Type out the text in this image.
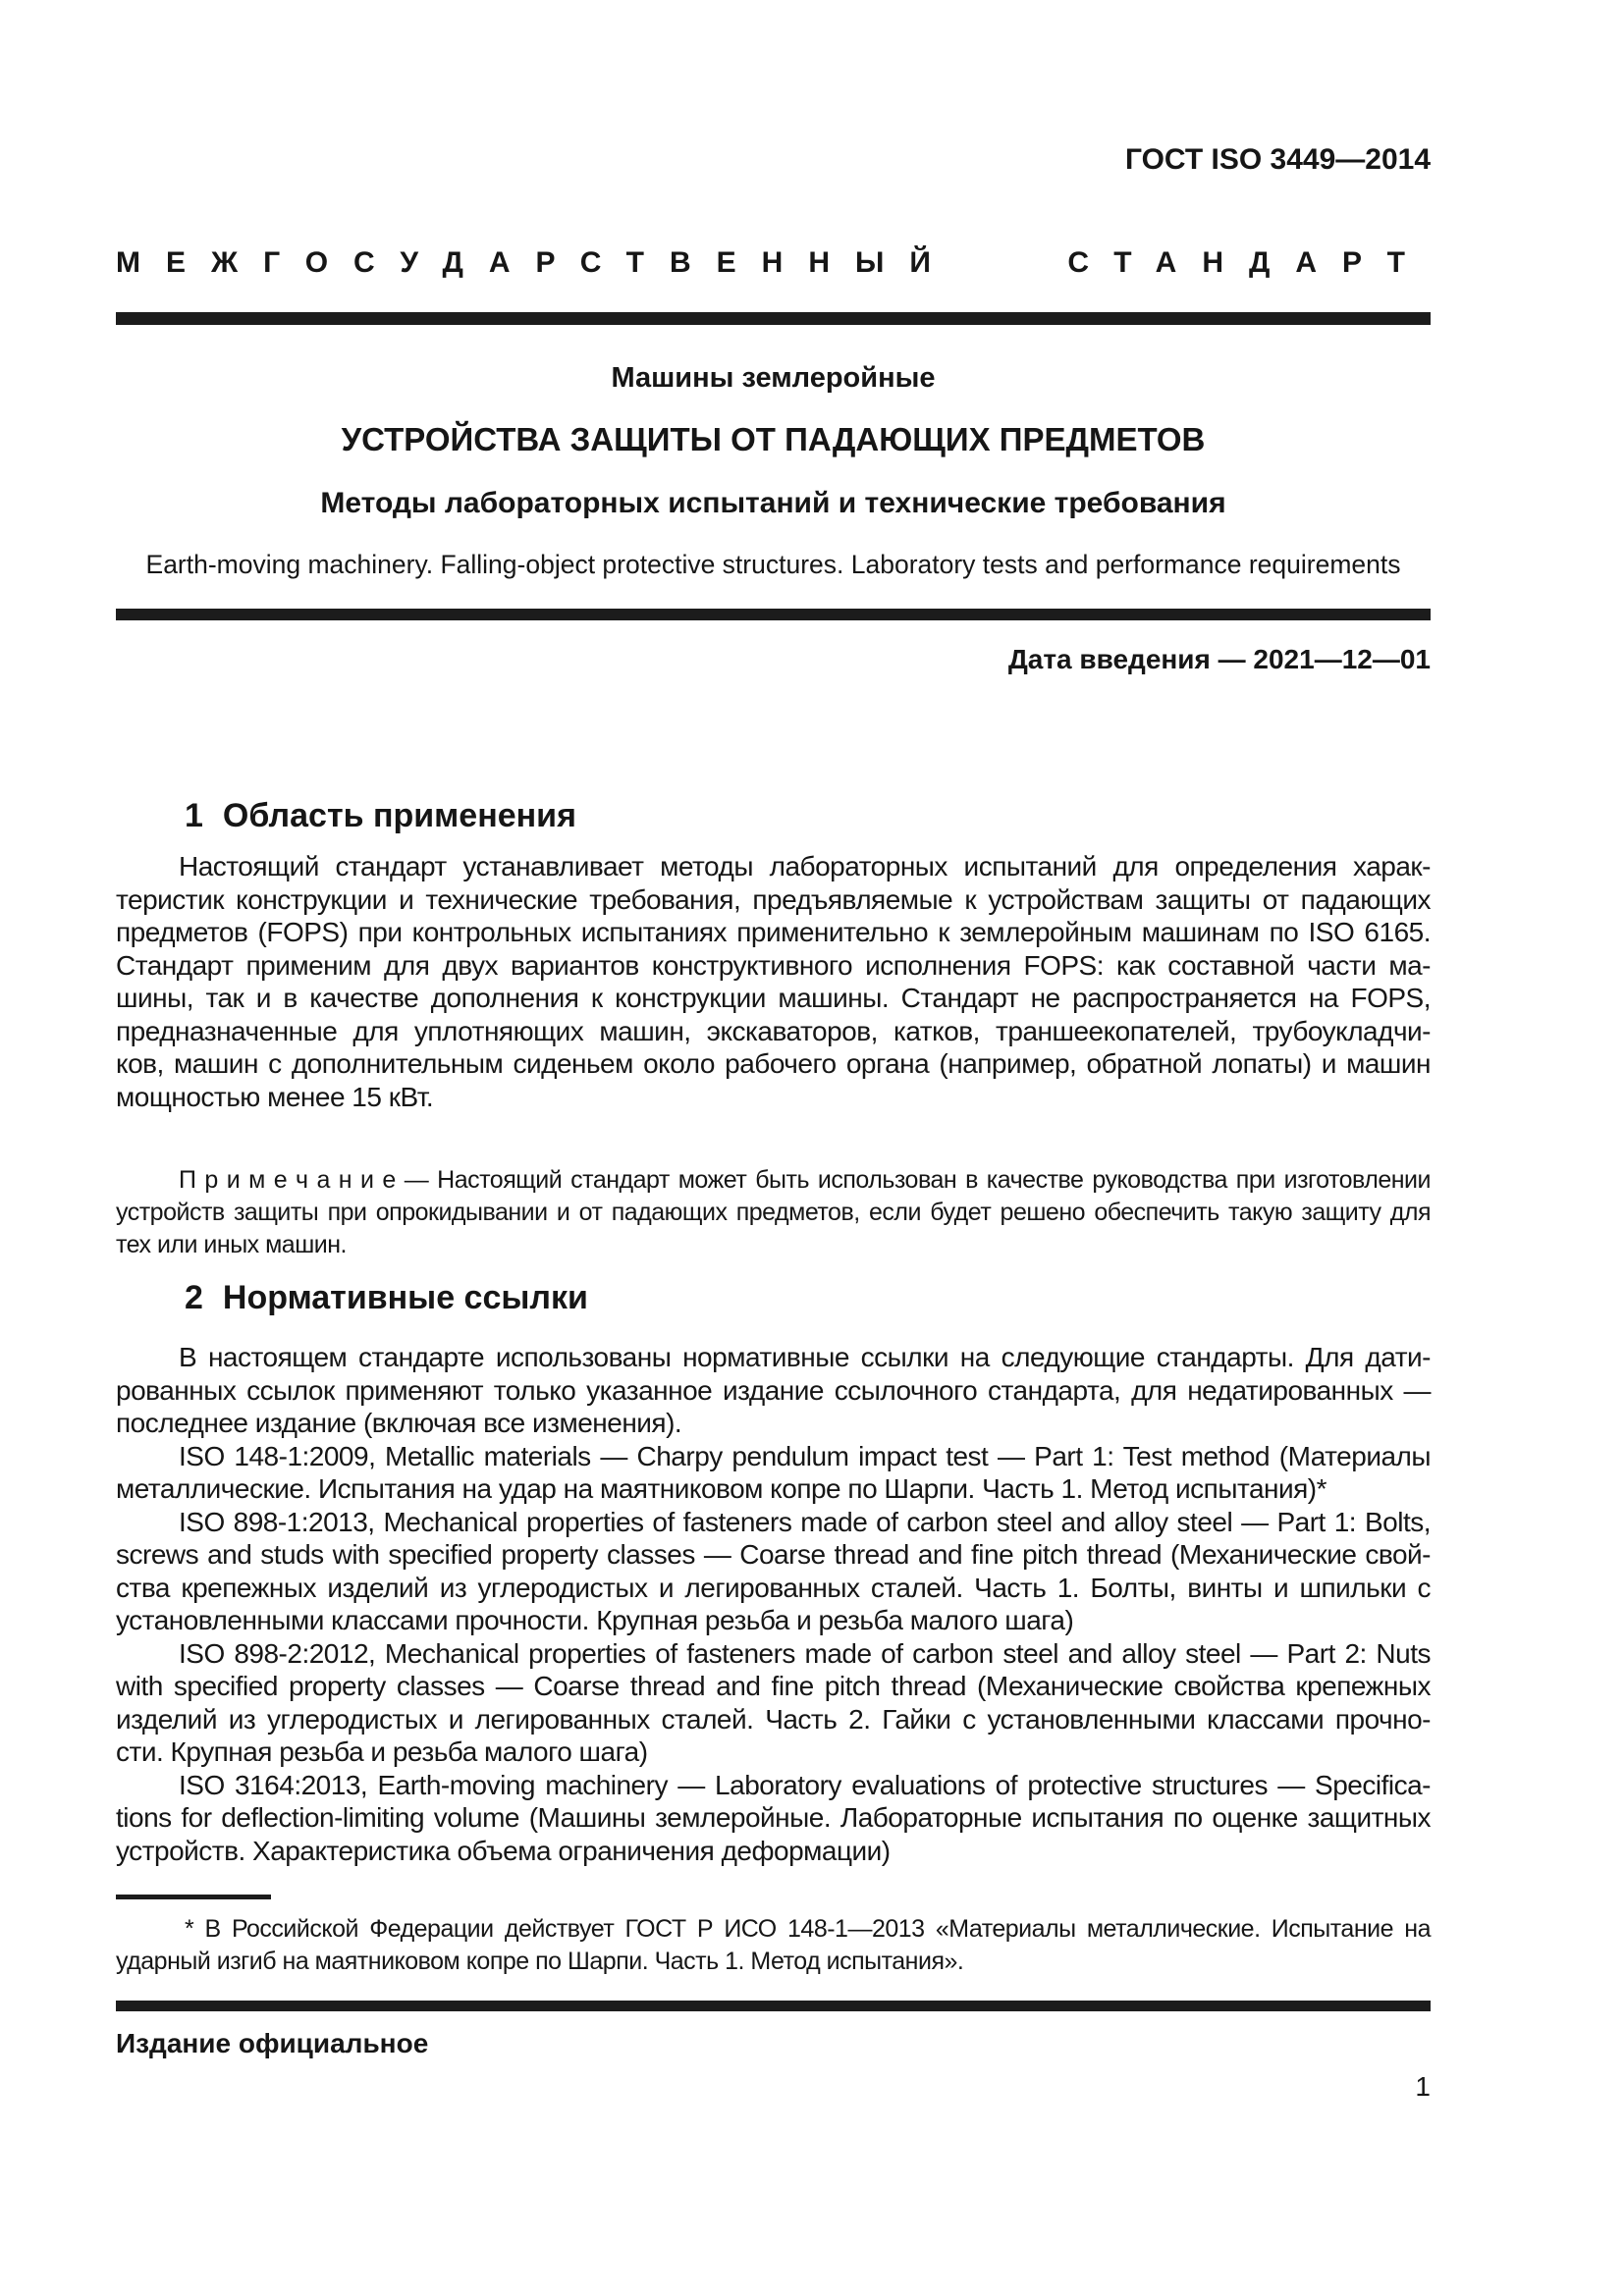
ГОСТ ISO 3449—2014
МЕЖГОСУДАРСТВЕННЫЙ СТАНДАРТ
Машины землеройные
УСТРОЙСТВА ЗАЩИТЫ ОТ ПАДАЮЩИХ ПРЕДМЕТОВ
Методы лабораторных испытаний и технические требования
Earth-moving machinery. Falling-object protective structures. Laboratory tests and performance requirements
Дата введения — 2021—12—01
1 Область применения
Настоящий стандарт устанавливает методы лабораторных испытаний для определения харак-
теристик конструкции и технические требования, предъявляемые к устройствам защиты от падающих
предметов (FOPS) при контрольных испытаниях применительно к землеройным машинам по ISO 6165.
Стандарт применим для двух вариантов конструктивного исполнения FOPS: как составной части ма-
шины, так и в качестве дополнения к конструкции машины. Стандарт не распространяется на FOPS,
предназначенные для уплотняющих машин, экскаваторов, катков, траншеекопателей, трубоукладчи-
ков, машин с дополнительным сиденьем около рабочего органа (например, обратной лопаты) и машин
мощностью менее 15 кВт.
П р и м е ч а н и е — Настоящий стандарт может быть использован в качестве руководства при изготовлении
устройств защиты при опрокидывании и от падающих предметов, если будет решено обеспечить такую защиту для
тех или иных машин.
2 Нормативные ссылки
В настоящем стандарте использованы нормативные ссылки на следующие стандарты. Для дати-
рованных ссылок применяют только указанное издание ссылочного стандарта, для недатированных —
последнее издание (включая все изменения).
ISO 148-1:2009, Metallic materials — Charpy pendulum impact test — Part 1: Test method (Материалы
металлические. Испытания на удар на маятниковом копре по Шарпи. Часть 1. Метод испытания)*
ISO 898-1:2013, Mechanical properties of fasteners made of carbon steel and alloy steel — Part 1: Bolts,
screws and studs with specified property classes — Coarse thread and fine pitch thread (Механические свой-
ства крепежных изделий из углеродистых и легированных сталей. Часть 1. Болты, винты и шпильки с
установленными классами прочности. Крупная резьба и резьба малого шага)
ISO 898-2:2012, Mechanical properties of fasteners made of carbon steel and alloy steel — Part 2: Nuts
with specified property classes — Coarse thread and fine pitch thread (Механические свойства крепежных
изделий из углеродистых и легированных сталей. Часть 2. Гайки с установленными классами прочно-
сти. Крупная резьба и резьба малого шага)
ISO 3164:2013, Earth-moving machinery — Laboratory evaluations of protective structures — Specifica-
tions for deflection-limiting volume (Машины землеройные. Лабораторные испытания по оценке защитных
устройств. Характеристика объема ограничения деформации)
* В Российской Федерации действует ГОСТ Р ИСО 148-1—2013 «Материалы металлические. Испытание на
ударный изгиб на маятниковом копре по Шарпи. Часть 1. Метод испытания».
Издание официальное
1
